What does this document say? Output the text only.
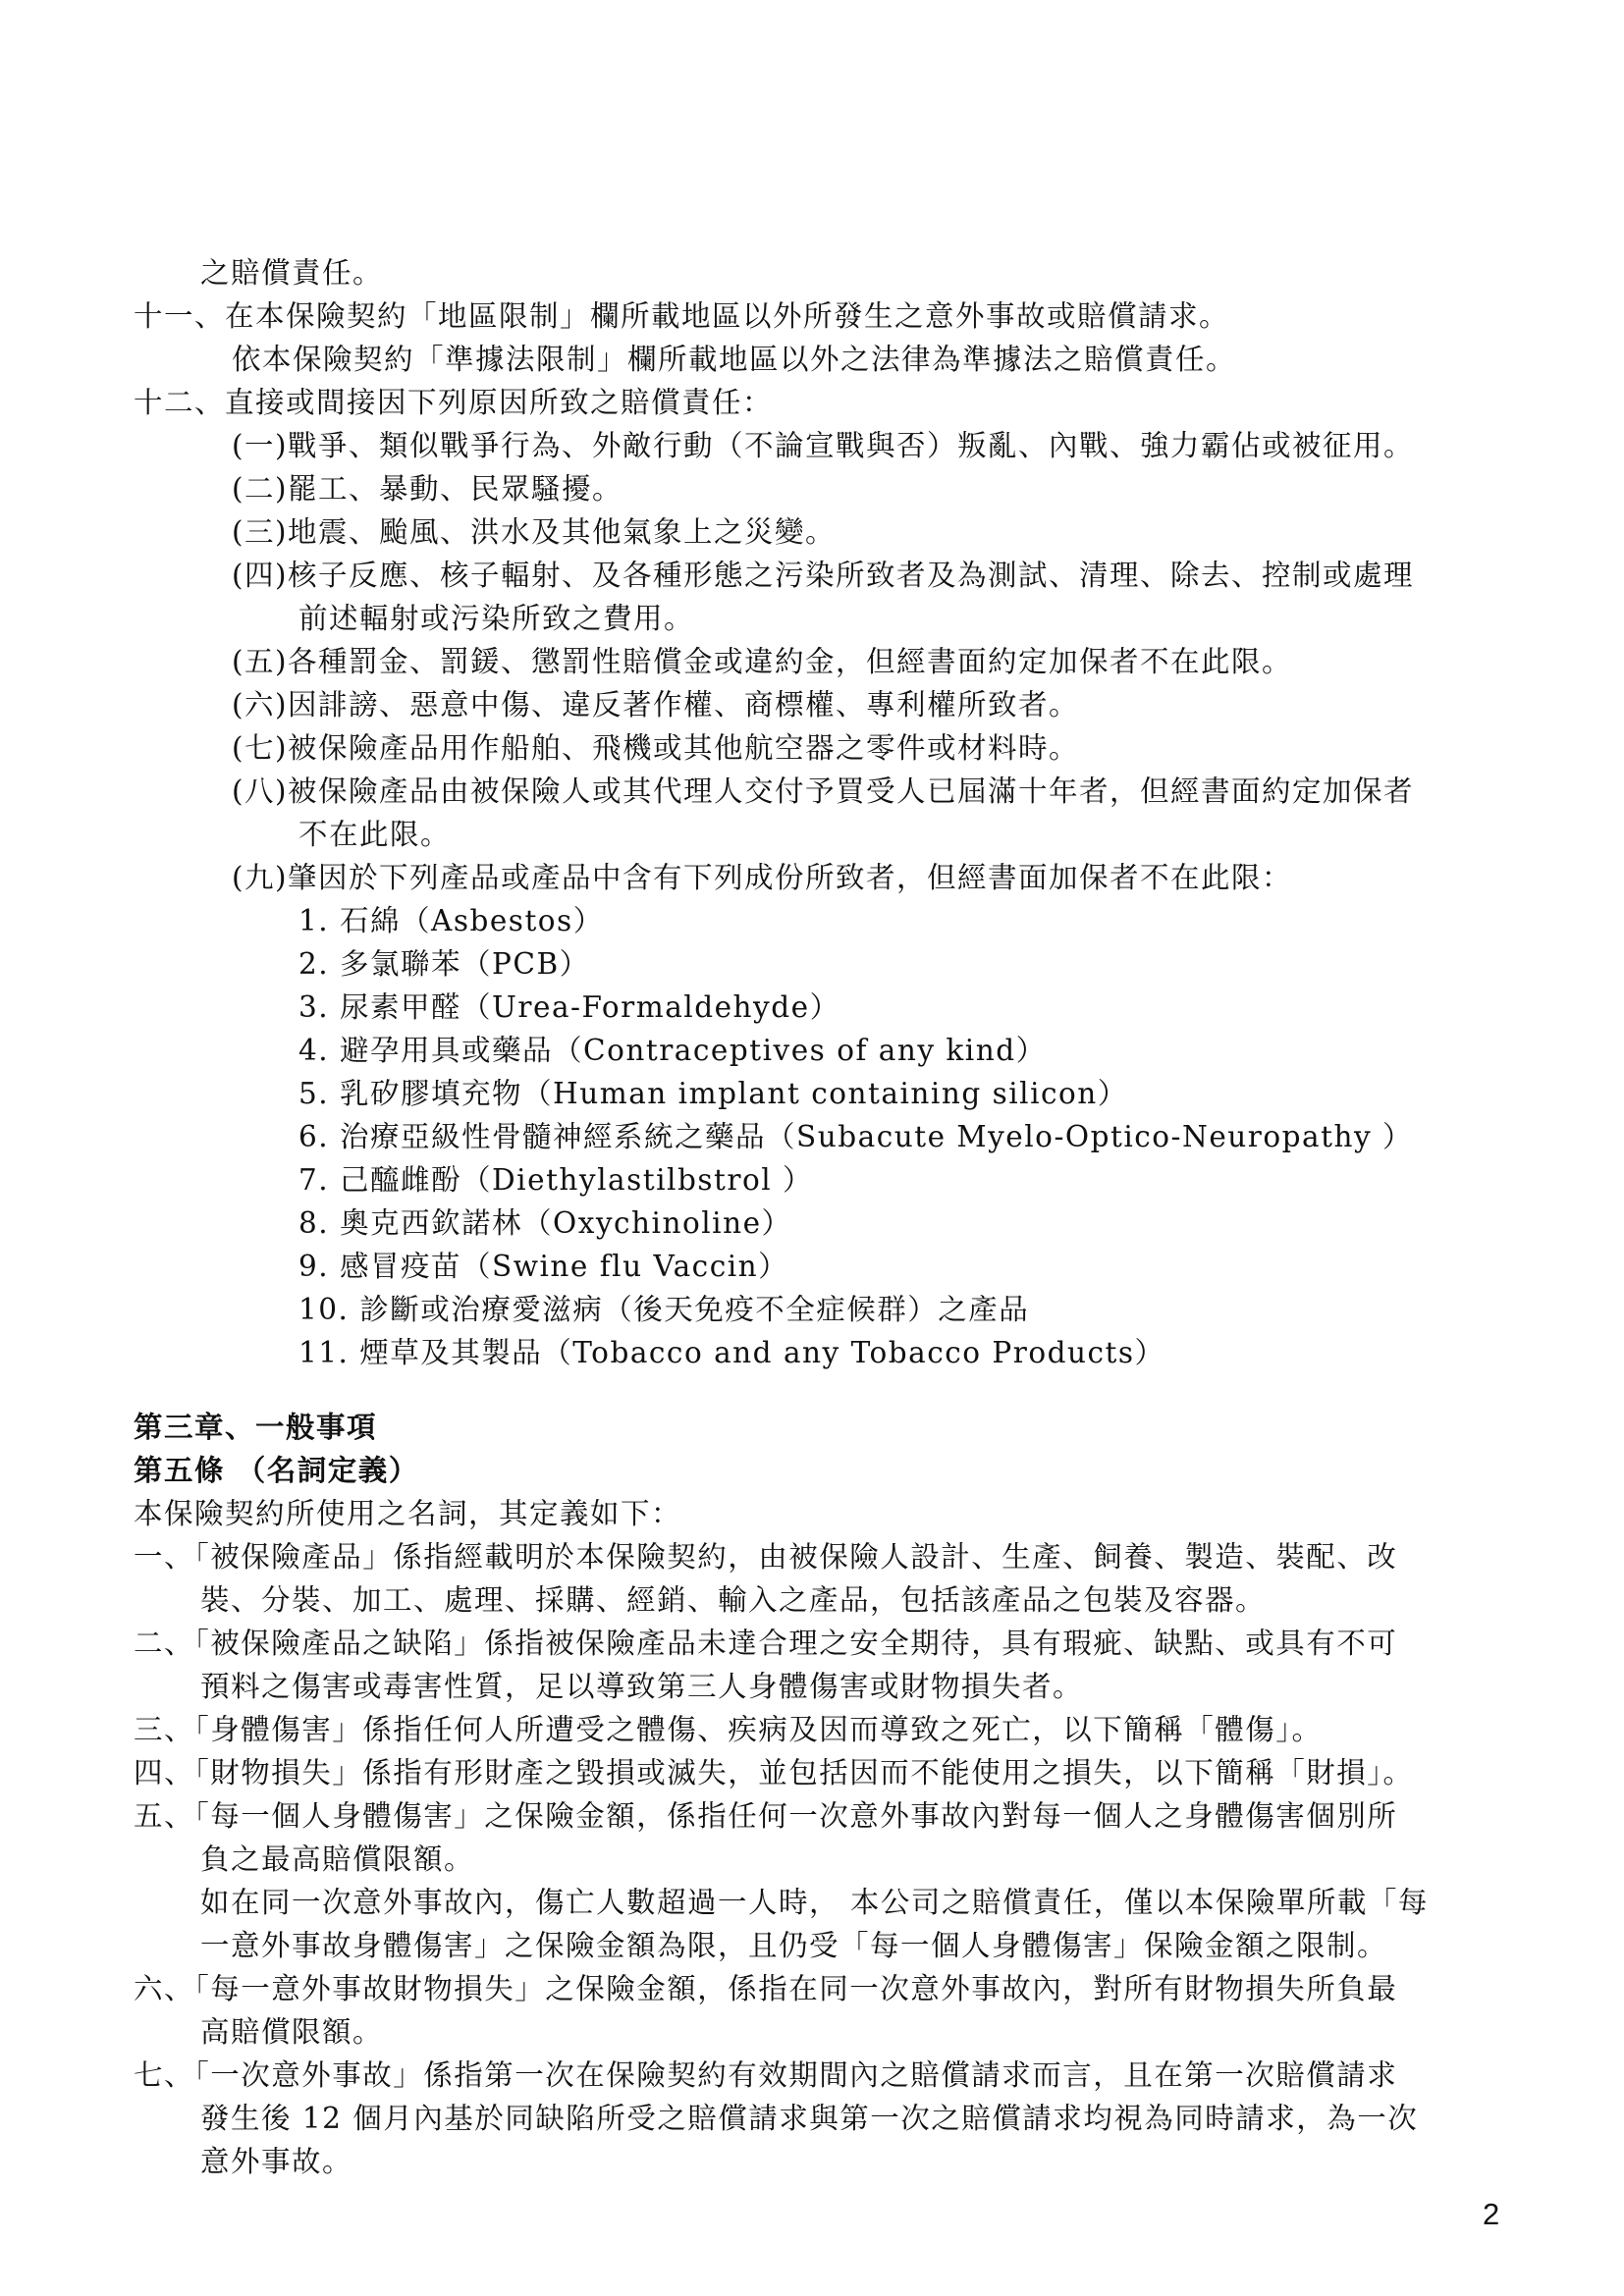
之賠償責任。

十一、在本保險契約「地區限制」欄所載地區以外所發生之意外事故或賠償請求。

依本保險契約「準據法限制」欄所載地區以外之法律為準據法之賠償責任。

十二、直接或間接因下列原因所致之賠償責任：

(一)戰爭、類似戰爭行為、外敵行動（不論宣戰與否）叛亂、內戰、強力霸佔或被征用。

(二)罷工、暴動、民眾騷擾。

(三)地震、颱風、洪水及其他氣象上之災變。

(四)核子反應、核子輻射、及各種形態之污染所致者及為測試、清理、除去、控制或處理

前述輻射或污染所致之費用。

(五)各種罰金、罰鍰、懲罰性賠償金或違約金，但經書面約定加保者不在此限。

(六)因誹謗、惡意中傷、違反著作權、商標權、專利權所致者。

(七)被保險產品用作船舶、飛機或其他航空器之零件或材料時。

(八)被保險產品由被保險人或其代理人交付予買受人已屆滿十年者，但經書面約定加保者

不在此限。

(九)肇因於下列產品或產品中含有下列成份所致者，但經書面加保者不在此限：

1. 石綿（Asbestos）

2. 多氯聯苯（PCB）

3. 尿素甲醛（Urea-Formaldehyde）

4. 避孕用具或藥品（Contraceptives of any kind）

5. 乳矽膠填充物（Human implant containing silicon）

6. 治療亞級性骨髓神經系統之藥品（Subacute Myelo-Optico-Neuropathy ）

7. 己醯雌酚（Diethylastilbstrol ）

8. 奧克西欽諾林（Oxychinoline）

9. 感冒疫苗（Swine flu Vaccin）

10. 診斷或治療愛滋病（後天免疫不全症候群）之產品

11. 煙草及其製品（Tobacco and any Tobacco Products）

第三章、一般事項

第五條 （名詞定義）

本保險契約所使用之名詞，其定義如下：

一、「被保險產品」係指經載明於本保險契約，由被保險人設計、生產、飼養、製造、裝配、改

裝、分裝、加工、處理、採購、經銷、輸入之產品，包括該產品之包裝及容器。

二、「被保險產品之缺陷」係指被保險產品未達合理之安全期待，具有瑕疵、缺點、或具有不可

預料之傷害或毒害性質，足以導致第三人身體傷害或財物損失者。

三、「身體傷害」係指任何人所遭受之體傷、疾病及因而導致之死亡，以下簡稱「體傷」。

四、「財物損失」係指有形財產之毀損或滅失，並包括因而不能使用之損失，以下簡稱「財損」。

五、「每一個人身體傷害」之保險金額，係指任何一次意外事故內對每一個人之身體傷害個別所

負之最高賠償限額。

如在同一次意外事故內，傷亡人數超過一人時， 本公司之賠償責任，僅以本保險單所載「每

一意外事故身體傷害」之保險金額為限，且仍受「每一個人身體傷害」保險金額之限制。

六、「每一意外事故財物損失」之保險金額，係指在同一次意外事故內，對所有財物損失所負最

高賠償限額。

七、「一次意外事故」係指第一次在保險契約有效期間內之賠償請求而言，且在第一次賠償請求

發生後 12 個月內基於同缺陷所受之賠償請求與第一次之賠償請求均視為同時請求，為一次

意外事故。

2
